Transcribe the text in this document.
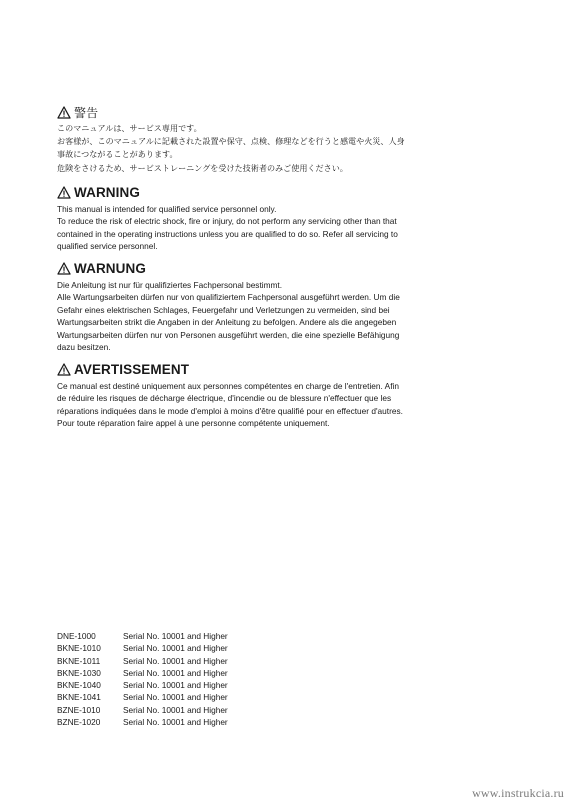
警告

このマニュアルは、サービス専用です。
お客様が、このマニュアルに記載された設置や保守、点検、修理などを行うと感電や火災、人身
事故につながることがあります。
危険をさけるため、サービストレーニングを受けた技術者のみご使用ください。

WARNING

This manual is intended for qualified service personnel only.
To reduce the risk of electric shock, fire or injury, do not perform any servicing other than that
contained in the operating instructions unless you are qualified to do so. Refer all servicing to
qualified service personnel.

WARNUNG

Die Anleitung ist nur für qualifiziertes Fachpersonal bestimmt.
Alle Wartungsarbeiten dürfen nur von qualifiziertem Fachpersonal ausgeführt werden. Um die
Gefahr eines elektrischen Schlages, Feuergefahr und Verletzungen zu vermeiden, sind bei
Wartungsarbeiten strikt die Angaben in der Anleitung zu befolgen. Andere als die angegeben
Wartungsarbeiten dürfen nur von Personen ausgeführt werden, die eine spezielle Befähigung
dazu besitzen.

AVERTISSEMENT

Ce manual est destiné uniquement aux personnes compétentes en charge de l'entretien. Afin
de réduire les risques de décharge électrique, d'incendie ou de blessure n'effectuer que les
réparations indiquées dans le mode d'emploi à moins d'être qualifié pour en effectuer d'autres.
Pour toute réparation faire appel à une personne compétente uniquement.

DNE-1000	Serial No. 10001 and Higher
BKNE-1010	Serial No. 10001 and Higher
BKNE-1011	Serial No. 10001 and Higher
BKNE-1030	Serial No. 10001 and Higher
BKNE-1040	Serial No. 10001 and Higher
BKNE-1041	Serial No. 10001 and Higher
BZNE-1010	Serial No. 10001 and Higher
BZNE-1020	Serial No. 10001 and Higher
www.instrukcia.ru
